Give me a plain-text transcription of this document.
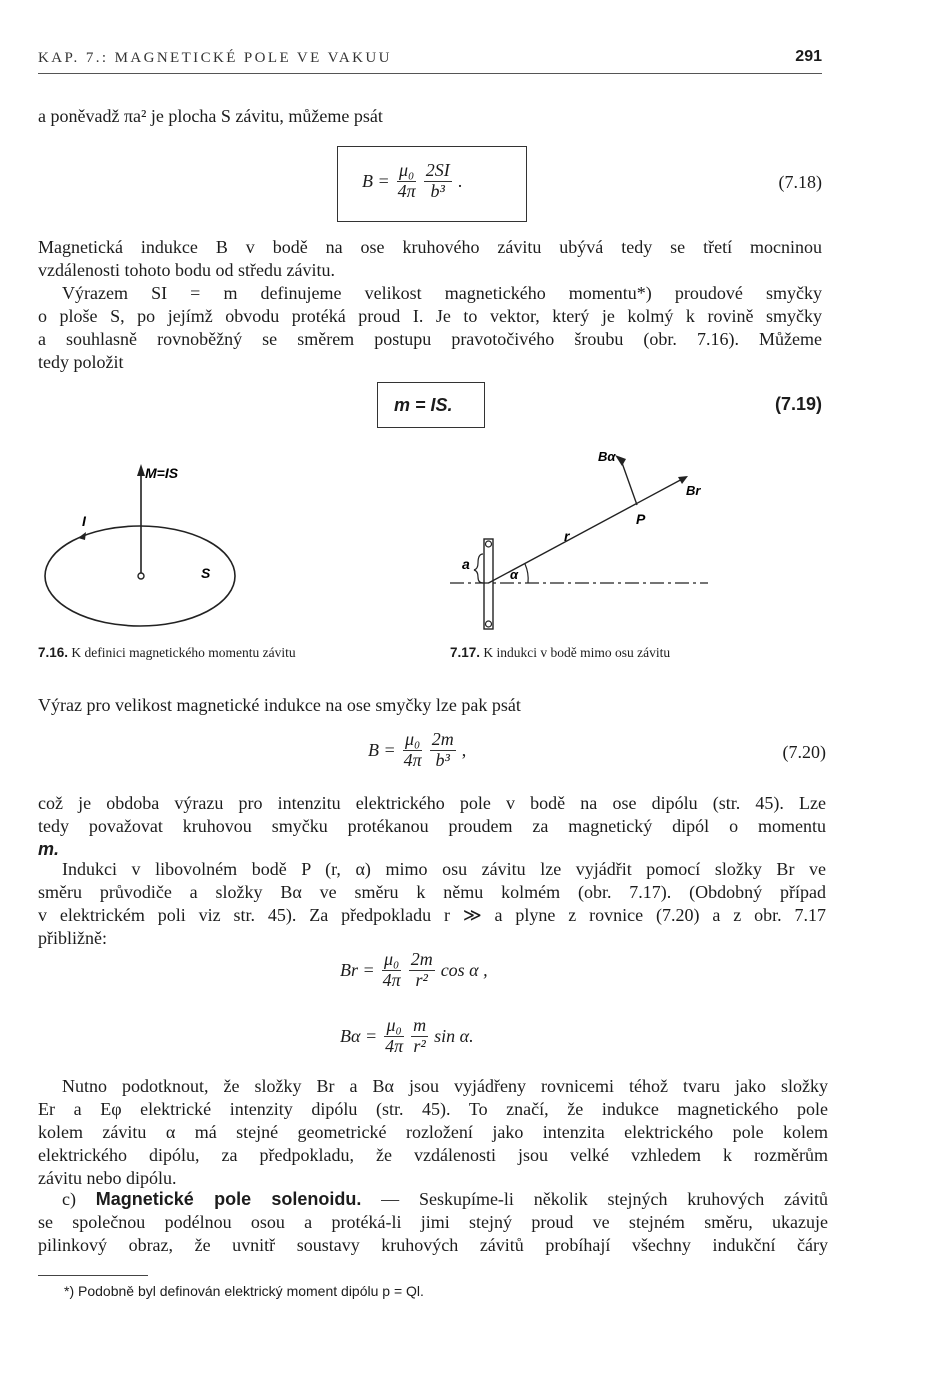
KAP. 7.: MAGNETICKÉ POLE VE VAKUU	291
a poněvadž πa² je plocha S závitu, můžeme psát
$B = \frac{\text{μ₀}}{4\pi} \frac{2SI}{\text{b³}}$ .	(7.18)
Magnetická indukce B v bodě na ose kruhového závitu ubývá tedy se třetí mocninou
vzdálenosti tohoto bodu od středu závitu.
Výrazem SI = m definujeme velikost magnetického momentu*) proudové smyčky
o ploše S, po jejímž obvodu protéká proud I. Je to vektor, který je kolmý k rovině smyčky
a souhlasně rovnoběžný se směrem postupu pravotočivého šroubu (obr. 7.16). Můžeme
tedy položit
m = IS.	(7.19)
M=IS
I
S
7.16. K definici magnetického momentu závitu
Bα
Br
P
r
a
α
7.17. K indukci v bodě mimo osu závitu
Výraz pro velikost magnetické indukce na ose smyčky lze pak psát
$B = \frac{\text{μ₀}}{4\pi} \frac{2m}{\text{b³}}$ ,	(7.20)
což je obdoba výrazu pro intenzitu elektrického pole v bodě na ose dipólu (str. 45). Lze
tedy považovat kruhovou smyčku protékanou proudem za magnetický dipól o momentu
m.
Indukci v libovolném bodě P (r, α) mimo osu závitu lze vyjádřit pomocí složky Br ve
směru průvodiče a složky Bα ve směru k němu kolmém (obr. 7.17). (Obdobný případ
v elektrickém poli viz str. 45). Za předpokladu r ≫ a plyne z rovnice (7.20) a z obr. 7.17
přibližně:
$Br = \frac{\text{μ₀}}{4\pi} \frac{2m}{\text{r²}}$ cos α ,
$B\alpha = \frac{\text{μ₀}}{4\pi} \frac{m}{\text{r²}}$ sin α.
Nutno podotknout, že složky Br a Bα jsou vyjádřeny rovnicemi téhož tvaru jako složky
Er a Eφ elektrické intenzity dipólu (str. 45). To značí, že indukce magnetického pole
kolem závitu α má stejné geometrické rozložení jako intenzita elektrického pole kolem
elektrického dipólu, za předpokladu, že vzdálenosti jsou velké vzhledem k rozměrům
závitu nebo dipólu.
c) Magnetické pole solenoidu. — Seskupíme-li několik stejných kruhových závitů
se společnou podélnou osou a protéká-li jimi stejný proud ve stejném směru, ukazuje
pilinkový obraz, že uvnitř soustavy kruhových závitů probíhají všechny indukční čáry
*) Podobně byl definován elektrický moment dipólu p = Ql.
